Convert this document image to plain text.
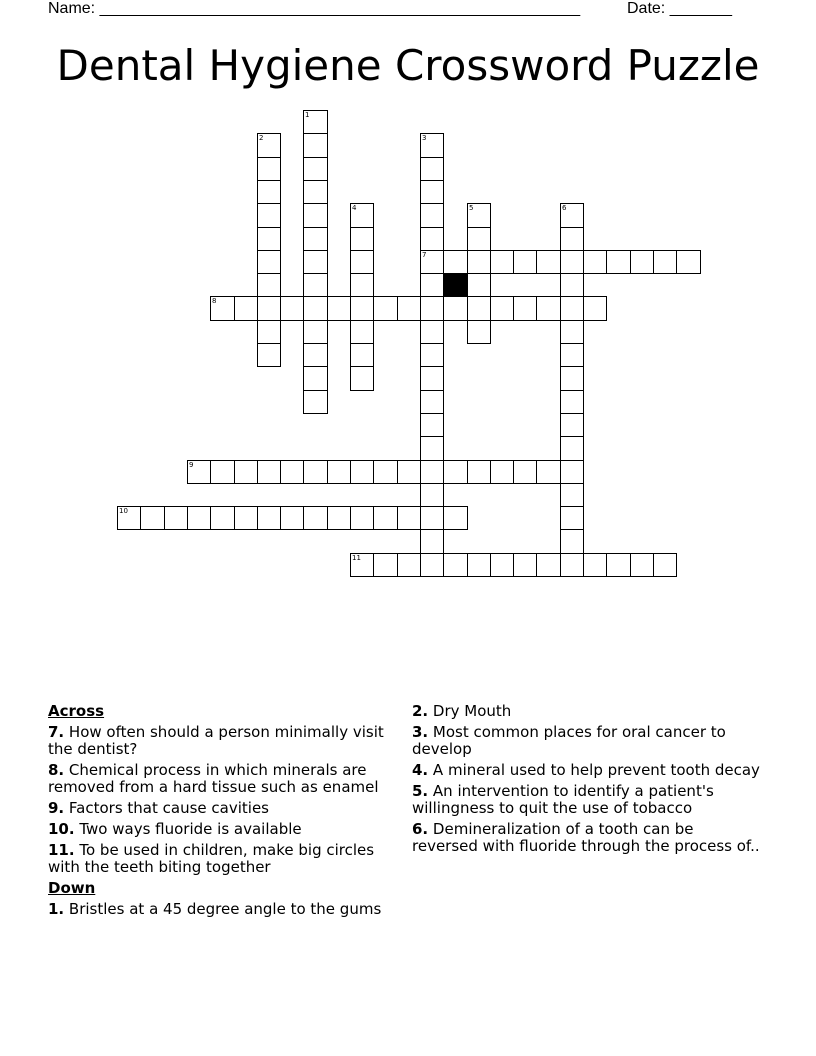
Name: ______________________________________________________	Date: _______
Dental Hygiene Crossword Puzzle
1
2	3
7
4	5	6
8
9
10
11
Across
7. How often should a person minimally visit the dentist?
8. Chemical process in which minerals are removed from a hard tissue such as enamel
9. Factors that cause cavities
10. Two ways fluoride is available
11. To be used in children, make big circles with the teeth biting together
Down
1. Bristles at a 45 degree angle to the gums
2. Dry Mouth
3. Most common places for oral cancer to develop
4. A mineral used to help prevent tooth decay
5. An intervention to identify a patient's willingness to quit the use of tobacco
6. Demineralization of a tooth can be reversed with fluoride through the process of..
